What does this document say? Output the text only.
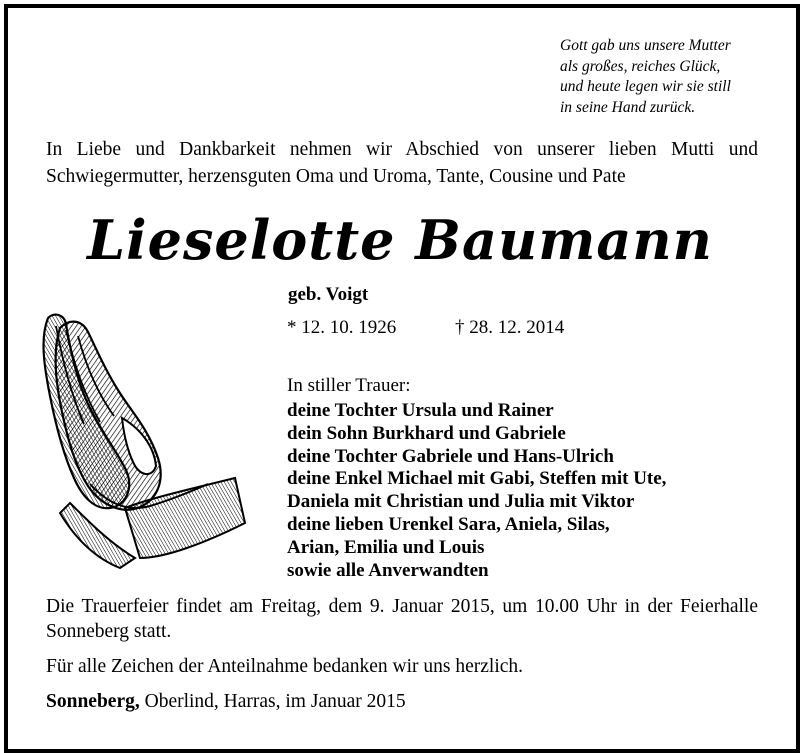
Gott gab uns unsere Mutter
als großes, reiches Glück,
und heute legen wir sie still
in seine Hand zurück.
In Liebe und Dankbarkeit nehmen wir Abschied von unserer lieben Mutti und Schwiegermutter, herzensguten Oma und Uroma, Tante, Cousine und Pate
Lieselotte Baumann
geb. Voigt
* 12. 10. 1926	† 28. 12. 2014
In stiller Trauer:
deine Tochter Ursula und Rainer
dein Sohn Burkhard und Gabriele
deine Tochter Gabriele und Hans-Ulrich
deine Enkel Michael mit Gabi, Steffen mit Ute,
Daniela mit Christian und Julia mit Viktor
deine lieben Urenkel Sara, Aniela, Silas,
Arian, Emilia und Louis
sowie alle Anverwandten
Die Trauerfeier findet am Freitag, dem 9. Januar 2015, um 10.00 Uhr in der Feierhalle Sonneberg statt.
Für alle Zeichen der Anteilnahme bedanken wir uns herzlich.
Sonneberg, Oberlind, Harras, im Januar 2015
